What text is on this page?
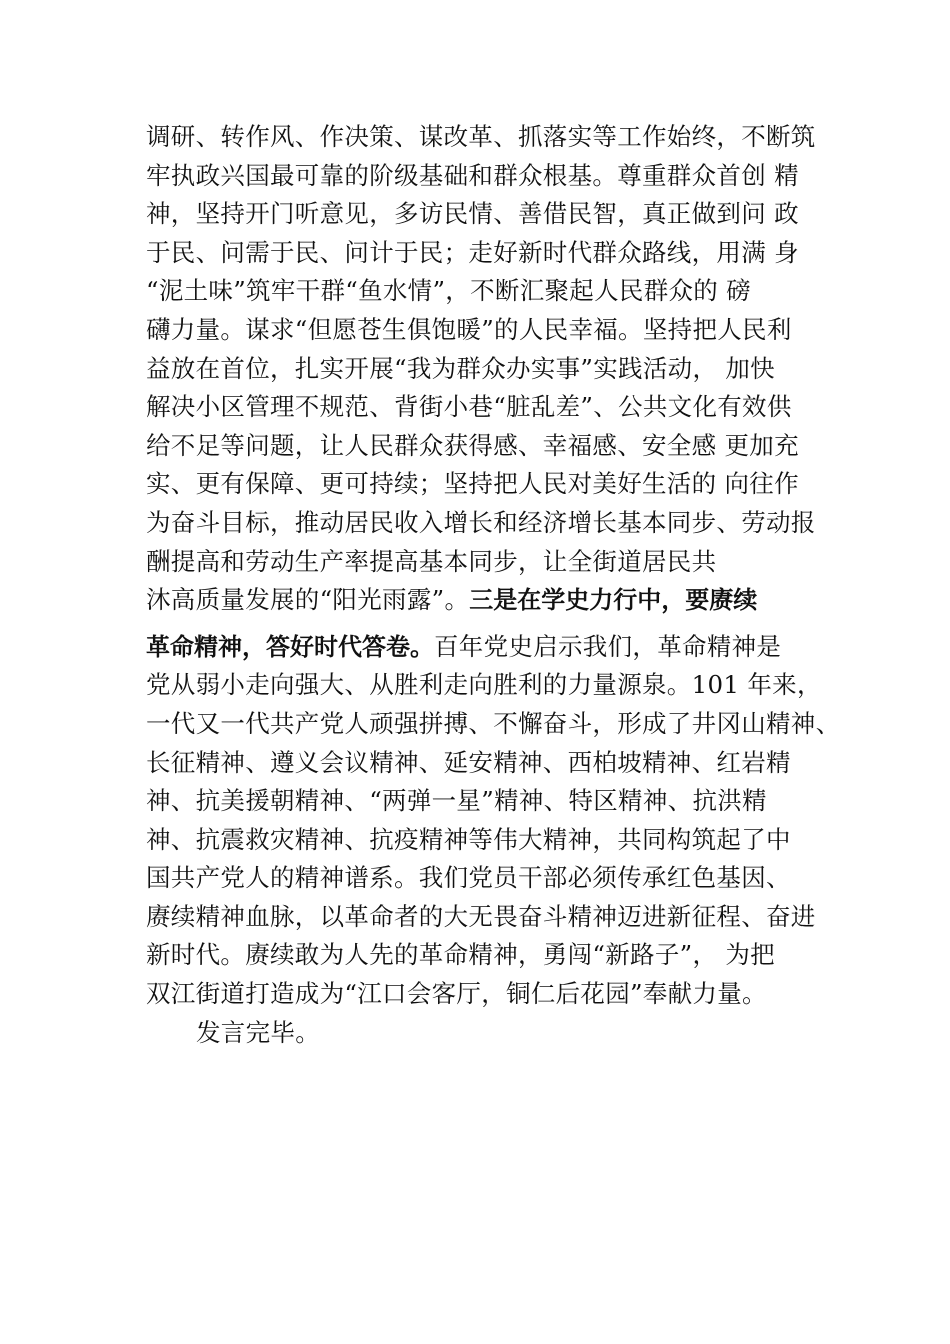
调研、转作风、作决策、谋改革、抓落实等工作始终，不断筑
牢执政兴国最可靠的阶级基础和群众根基。尊重群众首创 精
神，坚持开门听意见，多访民情、善借民智，真正做到问 政
于民、问需于民、问计于民；走好新时代群众路线，用满 身
“泥土味”筑牢干群“鱼水情”，不断汇聚起人民群众的 磅
礴力量。谋求“但愿苍生俱饱暖”的人民幸福。坚持把人民利
益放在首位，扎实开展“我为群众办实事”实践活动， 加快
解决小区管理不规范、背街小巷“脏乱差”、公共文化有效供
给不足等问题，让人民群众获得感、幸福感、安全感 更加充
实、更有保障、更可持续；坚持把人民对美好生活的 向往作
为奋斗目标，推动居民收入增长和经济增长基本同步、劳动报
酬提高和劳动生产率提高基本同步，让全街道居民共
沐高质量发展的“阳光雨露”。三是在学史力行中，要赓续
革命精神，答好时代答卷。百年党史启示我们，革命精神是
党从弱小走向强大、从胜利走向胜利的力量源泉。101 年来，
一代又一代共产党人顽强拼搏、不懈奋斗，形成了井冈山精神、
长征精神、遵义会议精神、延安精神、西柏坡精神、红岩精
神、抗美援朝精神、“两弹一星”精神、特区精神、抗洪精
神、抗震救灾精神、抗疫精神等伟大精神，共同构筑起了中
国共产党人的精神谱系。我们党员干部必须传承红色基因、
赓续精神血脉，以革命者的大无畏奋斗精神迈进新征程、奋进
新时代。赓续敢为人先的革命精神，勇闯“新路子”， 为把
双江街道打造成为“江口会客厅，铜仁后花园”奉献力量。
发言完毕。
